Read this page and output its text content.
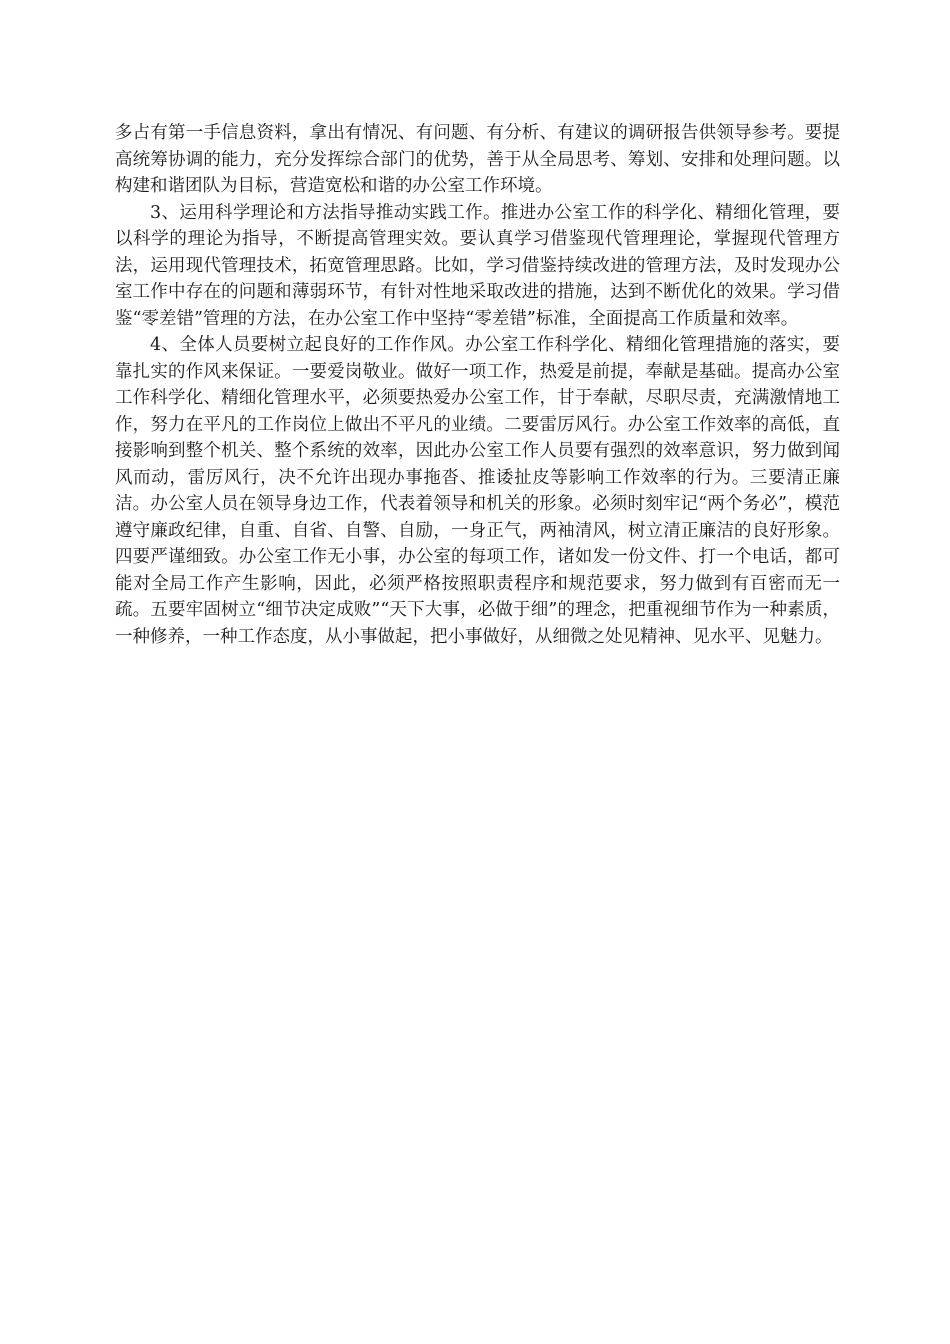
多占有第一手信息资料，拿出有情况、有问题、有分析、有建议的调研报告供领导参考。要提高统筹协调的能力，充分发挥综合部门的优势，善于从全局思考、筹划、安排和处理问题。以构建和谐团队为目标，营造宽松和谐的办公室工作环境。

3、运用科学理论和方法指导推动实践工作。推进办公室工作的科学化、精细化管理，要以科学的理论为指导，不断提高管理实效。要认真学习借鉴现代管理理论，掌握现代管理方法，运用现代管理技术，拓宽管理思路。比如，学习借鉴持续改进的管理方法，及时发现办公室工作中存在的问题和薄弱环节，有针对性地采取改进的措施，达到不断优化的效果。学习借鉴“零差错”管理的方法，在办公室工作中坚持“零差错”标准，全面提高工作质量和效率。

4、全体人员要树立起良好的工作作风。办公室工作科学化、精细化管理措施的落实，要靠扎实的作风来保证。一要爱岗敬业。做好一项工作，热爱是前提，奉献是基础。提高办公室工作科学化、精细化管理水平，必须要热爱办公室工作，甘于奉献，尽职尽责，充满激情地工作，努力在平凡的工作岗位上做出不平凡的业绩。二要雷厉风行。办公室工作效率的高低，直接影响到整个机关、整个系统的效率，因此办公室工作人员要有强烈的效率意识，努力做到闻风而动，雷厉风行，决不允许出现办事拖沓、推诿扯皮等影响工作效率的行为。三要清正廉洁。办公室人员在领导身边工作，代表着领导和机关的形象。必须时刻牢记“两个务必”，模范遵守廉政纪律，自重、自省、自警、自励，一身正气，两袖清风，树立清正廉洁的良好形象。四要严谨细致。办公室工作无小事，办公室的每项工作，诸如发一份文件、打一个电话，都可能对全局工作产生影响，因此，必须严格按照职责程序和规范要求，努力做到有百密而无一疏。五要牢固树立“细节决定成败”“天下大事，必做于细”的理念，把重视细节作为一种素质，一种修养，一种工作态度，从小事做起，把小事做好，从细微之处见精神、见水平、见魅力。
